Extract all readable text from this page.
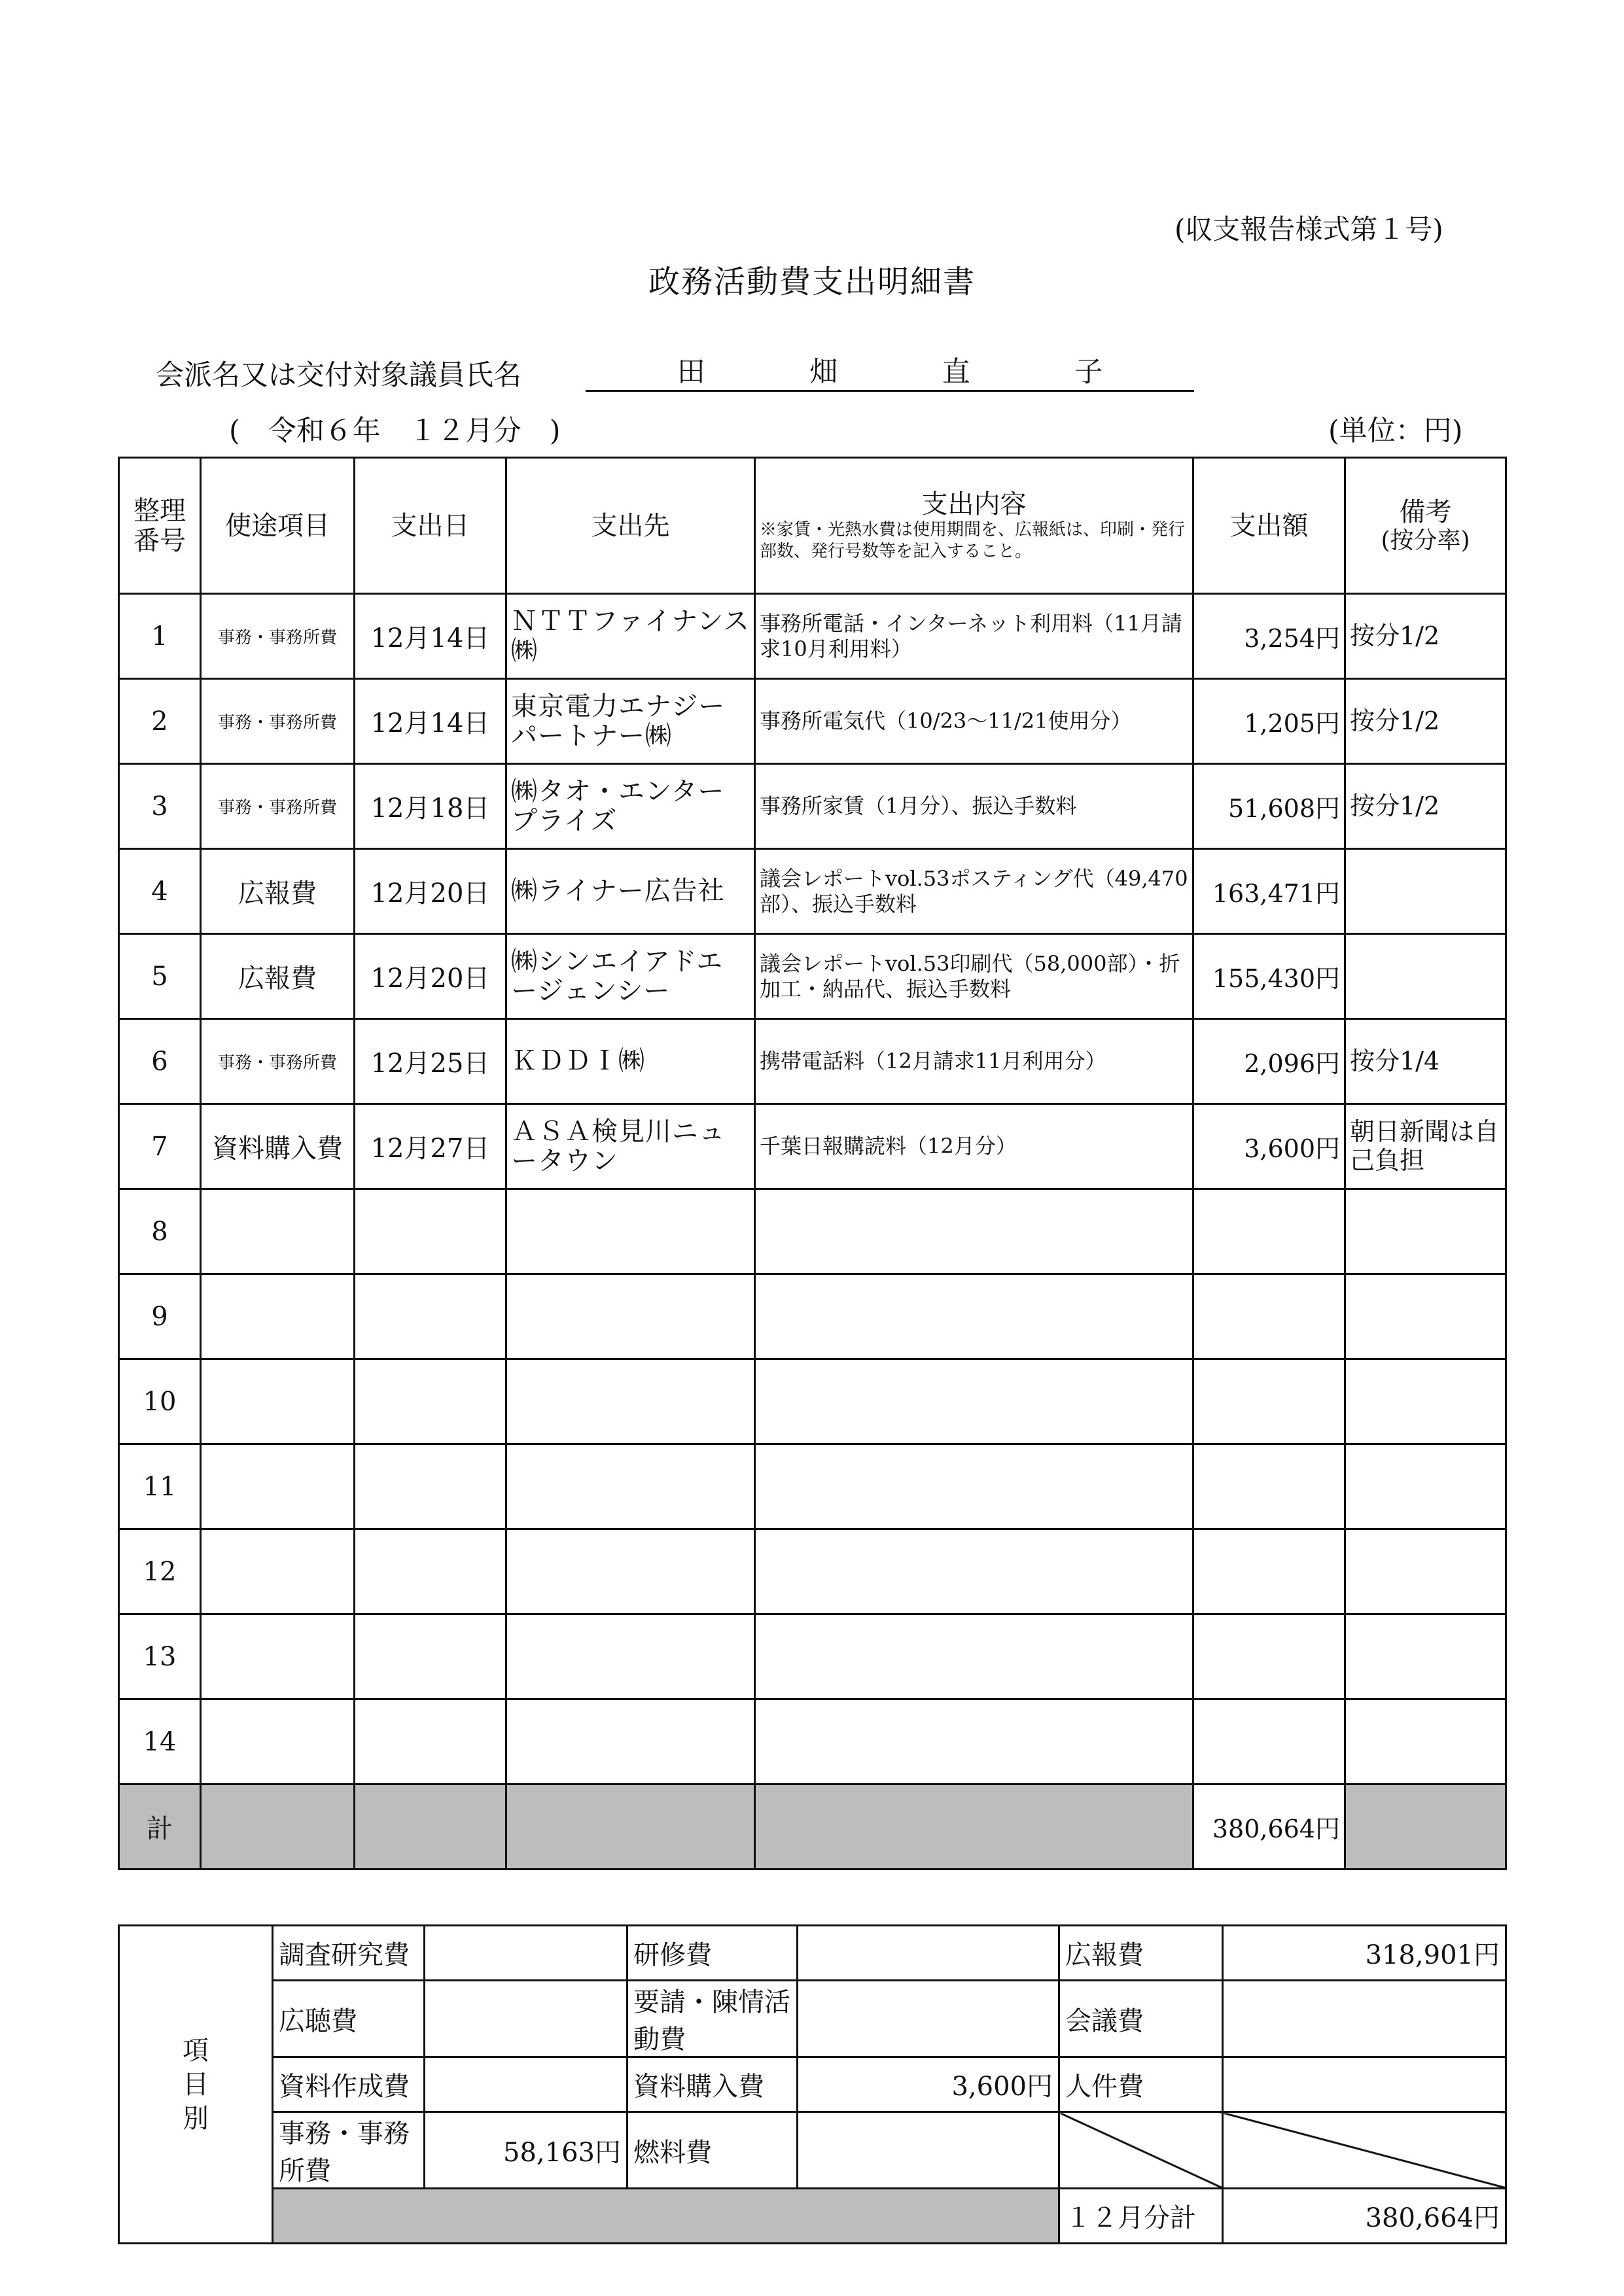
(収支報告様式第１号)
政務活動費支出明細書
会派名又は交付対象議員氏名	田	畑	直	子
(　令和６年　１２月分　)	(単位：円)
整理番号	使途項目	支出日	支出先	支出内容
※家賃・光熱水費は使用期間を、広報紙は、印刷・発行部数、発行号数等を記入すること。	支出額	備考
(按分率)

1	事務・事務所費	12月14日	ＮＴＴファイナンス㈱	事務所電話・インターネット利用料（11月請求10月利用料）	3,254円	按分1/2
2	事務・事務所費	12月14日	東京電力エナジーパートナー㈱	事務所電気代（10/23～11/21使用分）	1,205円	按分1/2
3	事務・事務所費	12月18日	㈱タオ・エンタープライズ	事務所家賃（1月分）、振込手数料	51,608円	按分1/2
4	広報費	12月20日	㈱ライナー広告社	議会レポートvol.53ポスティング代（49,470部）、振込手数料	163,471円	
5	広報費	12月20日	㈱シンエイアドエージェンシー	議会レポートvol.53印刷代（58,000部）・折加工・納品代、振込手数料	155,430円	
6	事務・事務所費	12月25日	ＫＤＤＩ㈱	携帯電話料（12月請求11月利用分）	2,096円	按分1/4
7	資料購入費	12月27日	ＡＳＡ検見川ニュータウン	千葉日報購読料（12月分）	3,600円	朝日新聞は自己負担
8						
9						
10						
11						
12						
13						
14						
計					380,664円	
項目別	調査研究費		研修費		広報費	318,901円
	広聴費		要請・陳情活動費		会議費	
	資料作成費		資料購入費	3,600円	人件費	
	事務・事務所費	58,163円	燃料費			
					１２月分計	380,664円
